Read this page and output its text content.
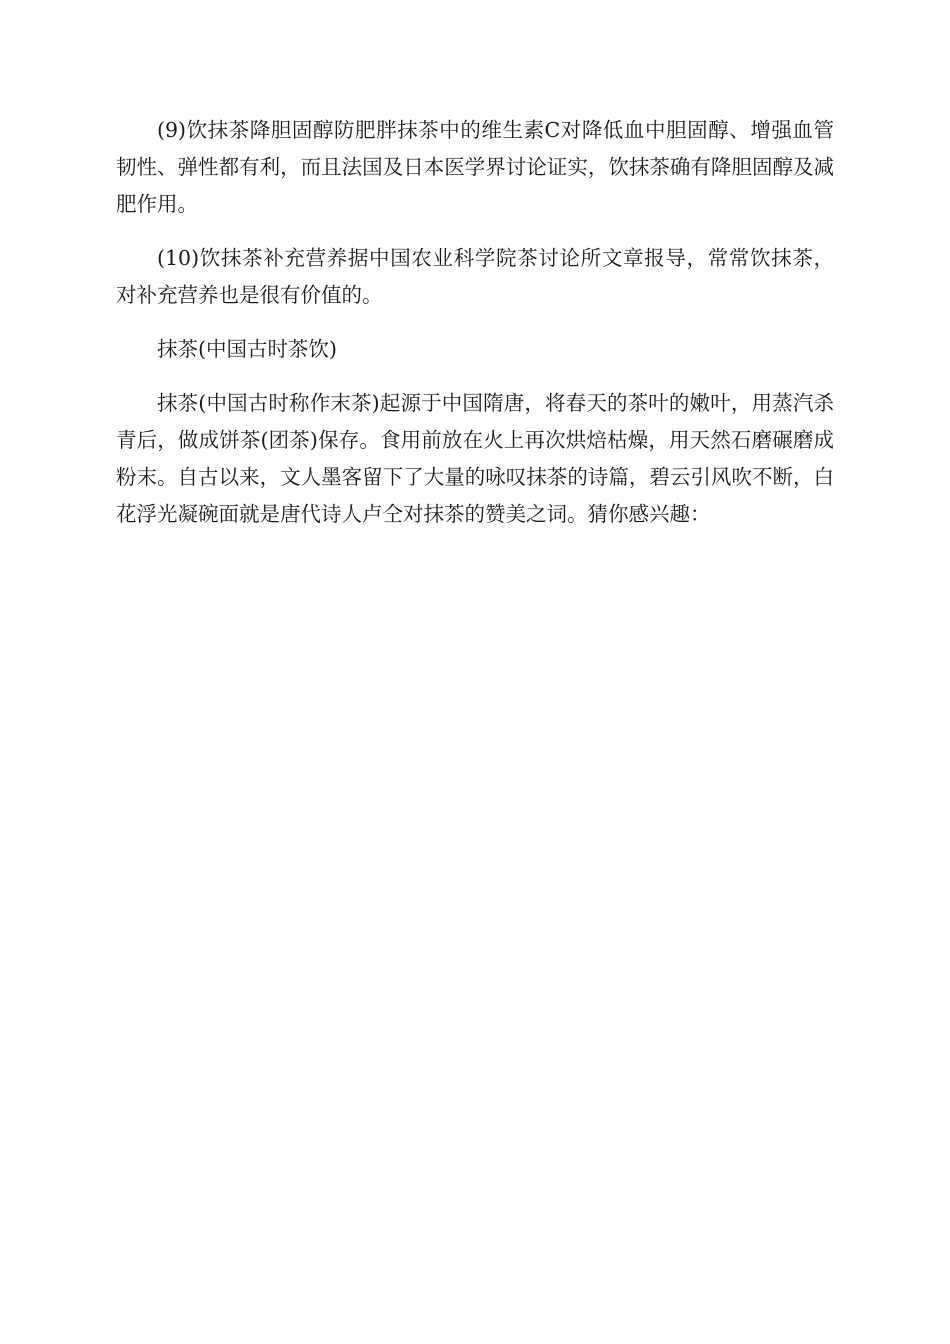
(9)饮抹茶降胆固醇防肥胖抹茶中的维生素C对降低血中胆固醇、增强血管韧性、弹性都有利，而且法国及日本医学界讨论证实，饮抹茶确有降胆固醇及减肥作用。

(10)饮抹茶补充营养据中国农业科学院茶讨论所文章报导，常常饮抹茶，对补充营养也是很有价值的。

抹茶(中国古时茶饮)

抹茶(中国古时称作末茶)起源于中国隋唐，将春天的茶叶的嫩叶，用蒸汽杀青后，做成饼茶(团茶)保存。食用前放在火上再次烘焙枯燥，用天然石磨碾磨成粉末。自古以来，文人墨客留下了大量的咏叹抹茶的诗篇，碧云引风吹不断，白花浮光凝碗面就是唐代诗人卢仝对抹茶的赞美之词。猜你感兴趣：
